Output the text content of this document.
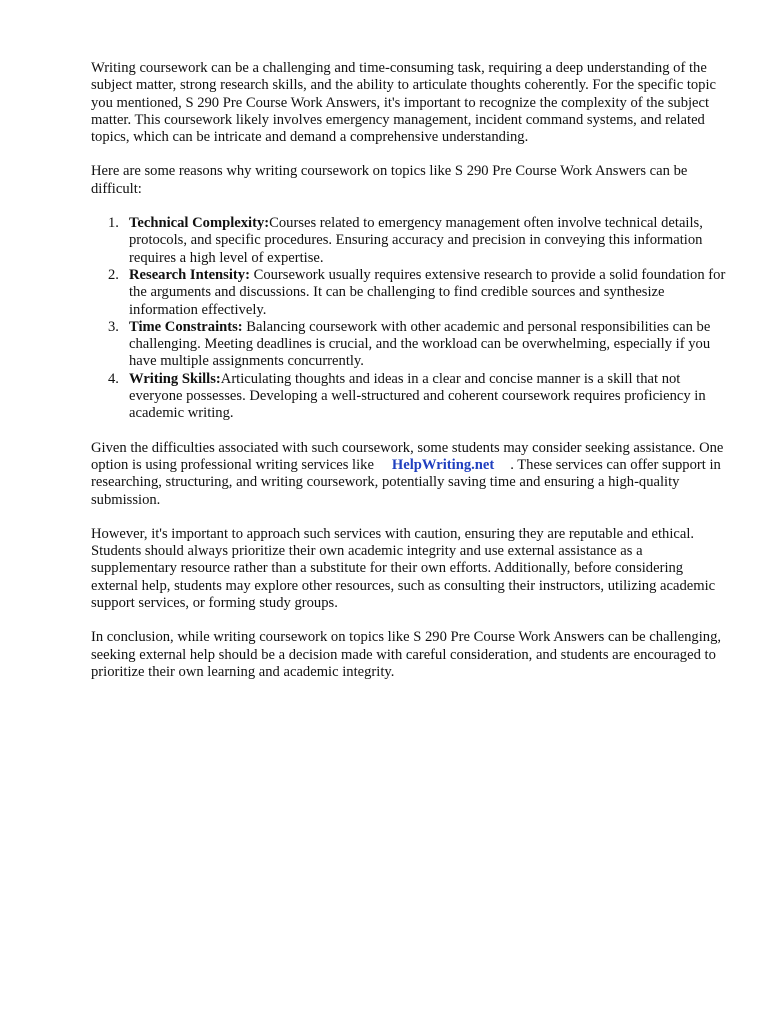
Writing coursework can be a challenging and time-consuming task, requiring a deep understanding of the subject matter, strong research skills, and the ability to articulate thoughts coherently. For the specific topic you mentioned, S 290 Pre Course Work Answers, it's important to recognize the complexity of the subject matter. This coursework likely involves emergency management, incident command systems, and related topics, which can be intricate and demand a comprehensive understanding.

Here are some reasons why writing coursework on topics like S 290 Pre Course Work Answers can be difficult:

1. Technical Complexity:Courses related to emergency management often involve technical details, protocols, and specific procedures. Ensuring accuracy and precision in conveying this information requires a high level of expertise.
2. Research Intensity: Coursework usually requires extensive research to provide a solid foundation for the arguments and discussions. It can be challenging to find credible sources and synthesize information effectively.
3. Time Constraints: Balancing coursework with other academic and personal responsibilities can be challenging. Meeting deadlines is crucial, and the workload can be overwhelming, especially if you have multiple assignments concurrently.
4. Writing Skills:Articulating thoughts and ideas in a clear and concise manner is a skill that not everyone possesses. Developing a well-structured and coherent coursework requires proficiency in academic writing.

Given the difficulties associated with such coursework, some students may consider seeking assistance. One option is using professional writing services like HelpWriting.net . These services can offer support in researching, structuring, and writing coursework, potentially saving time and ensuring a high-quality submission.

However, it's important to approach such services with caution, ensuring they are reputable and ethical. Students should always prioritize their own academic integrity and use external assistance as a supplementary resource rather than a substitute for their own efforts. Additionally, before considering external help, students may explore other resources, such as consulting their instructors, utilizing academic support services, or forming study groups.

In conclusion, while writing coursework on topics like S 290 Pre Course Work Answers can be challenging, seeking external help should be a decision made with careful consideration, and students are encouraged to prioritize their own learning and academic integrity.
